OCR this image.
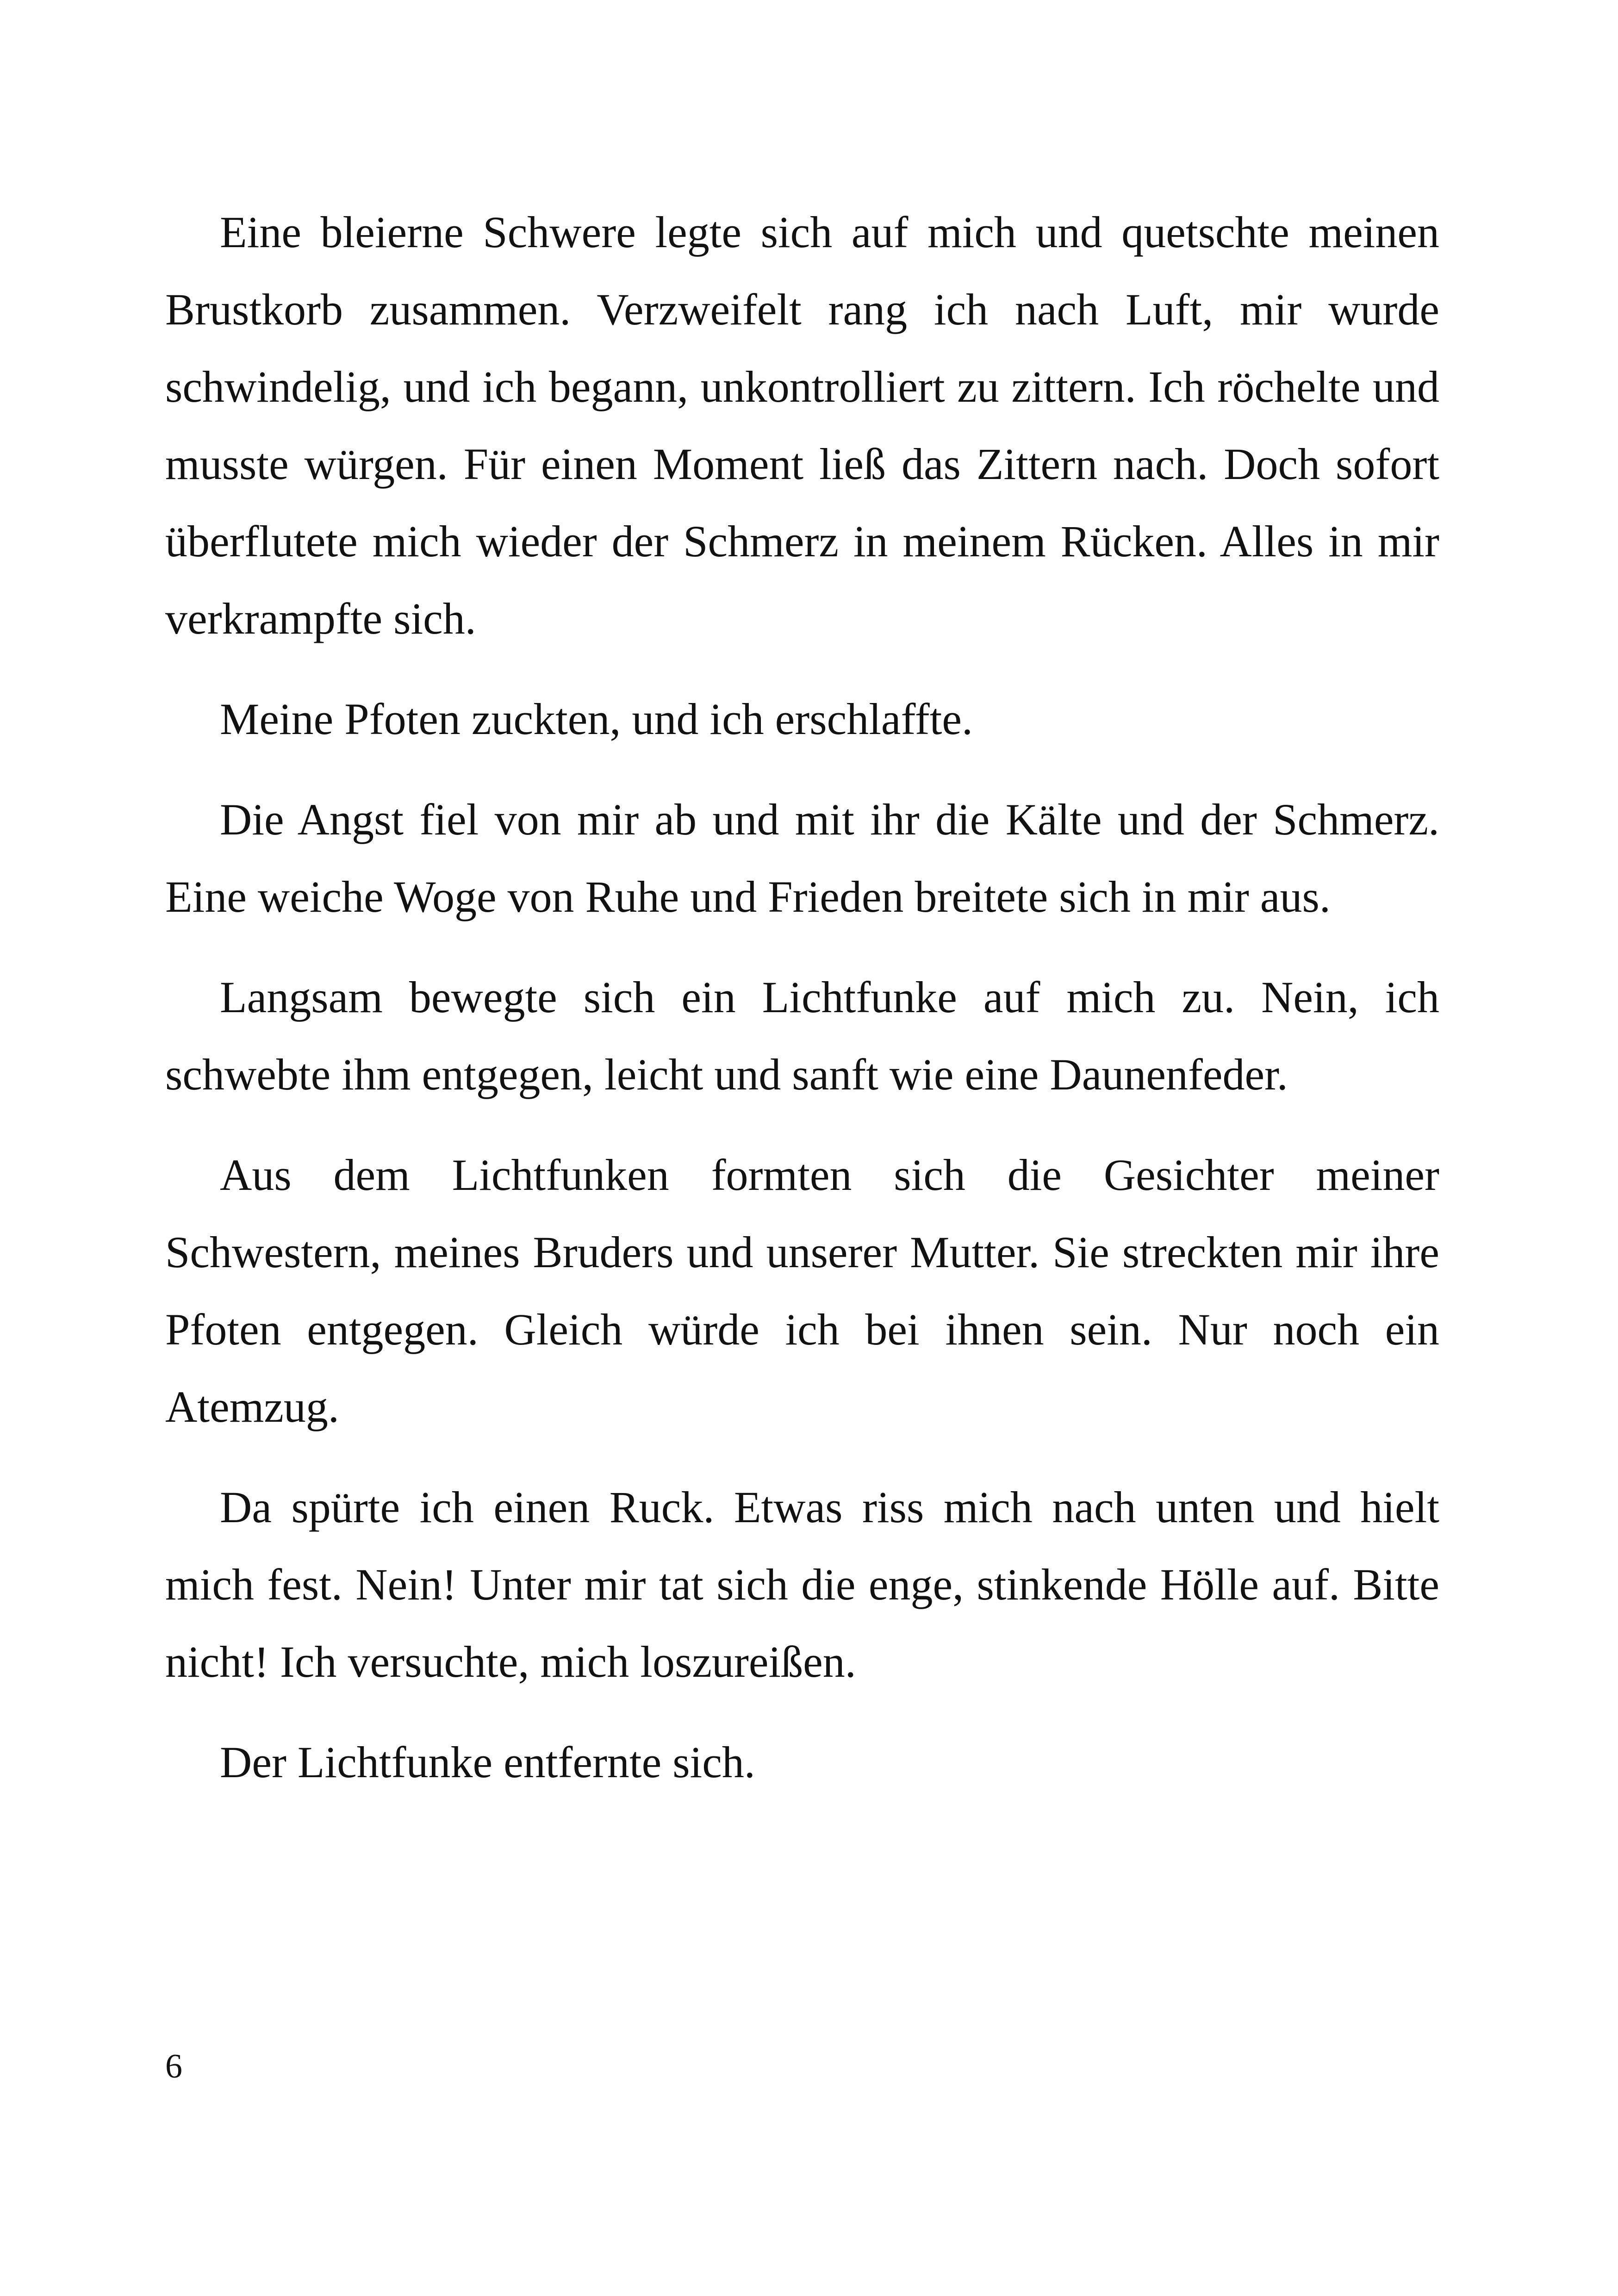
Eine bleierne Schwere legte sich auf mich und quetschte meinen Brustkorb zusammen. Verzweifelt rang ich nach Luft, mir wurde schwindelig, und ich begann, unkontrolliert zu zittern. Ich röchelte und musste würgen. Für einen Moment ließ das Zittern nach. Doch sofort überflutete mich wieder der Schmerz in meinem Rücken. Alles in mir verkrampfte sich.

Meine Pfoten zuckten, und ich erschlaffte.

Die Angst fiel von mir ab und mit ihr die Kälte und der Schmerz. Eine weiche Woge von Ruhe und Frieden breitete sich in mir aus.

Langsam bewegte sich ein Lichtfunke auf mich zu. Nein, ich schwebte ihm entgegen, leicht und sanft wie eine Daunenfeder.

Aus dem Lichtfunken formten sich die Gesichter meiner Schwestern, meines Bruders und unserer Mutter. Sie streckten mir ihre Pfoten entgegen. Gleich würde ich bei ihnen sein. Nur noch ein Atemzug.

Da spürte ich einen Ruck. Etwas riss mich nach unten und hielt mich fest. Nein! Unter mir tat sich die enge, stinkende Hölle auf. Bitte nicht! Ich versuchte, mich loszureißen.

Der Lichtfunke entfernte sich.

6
